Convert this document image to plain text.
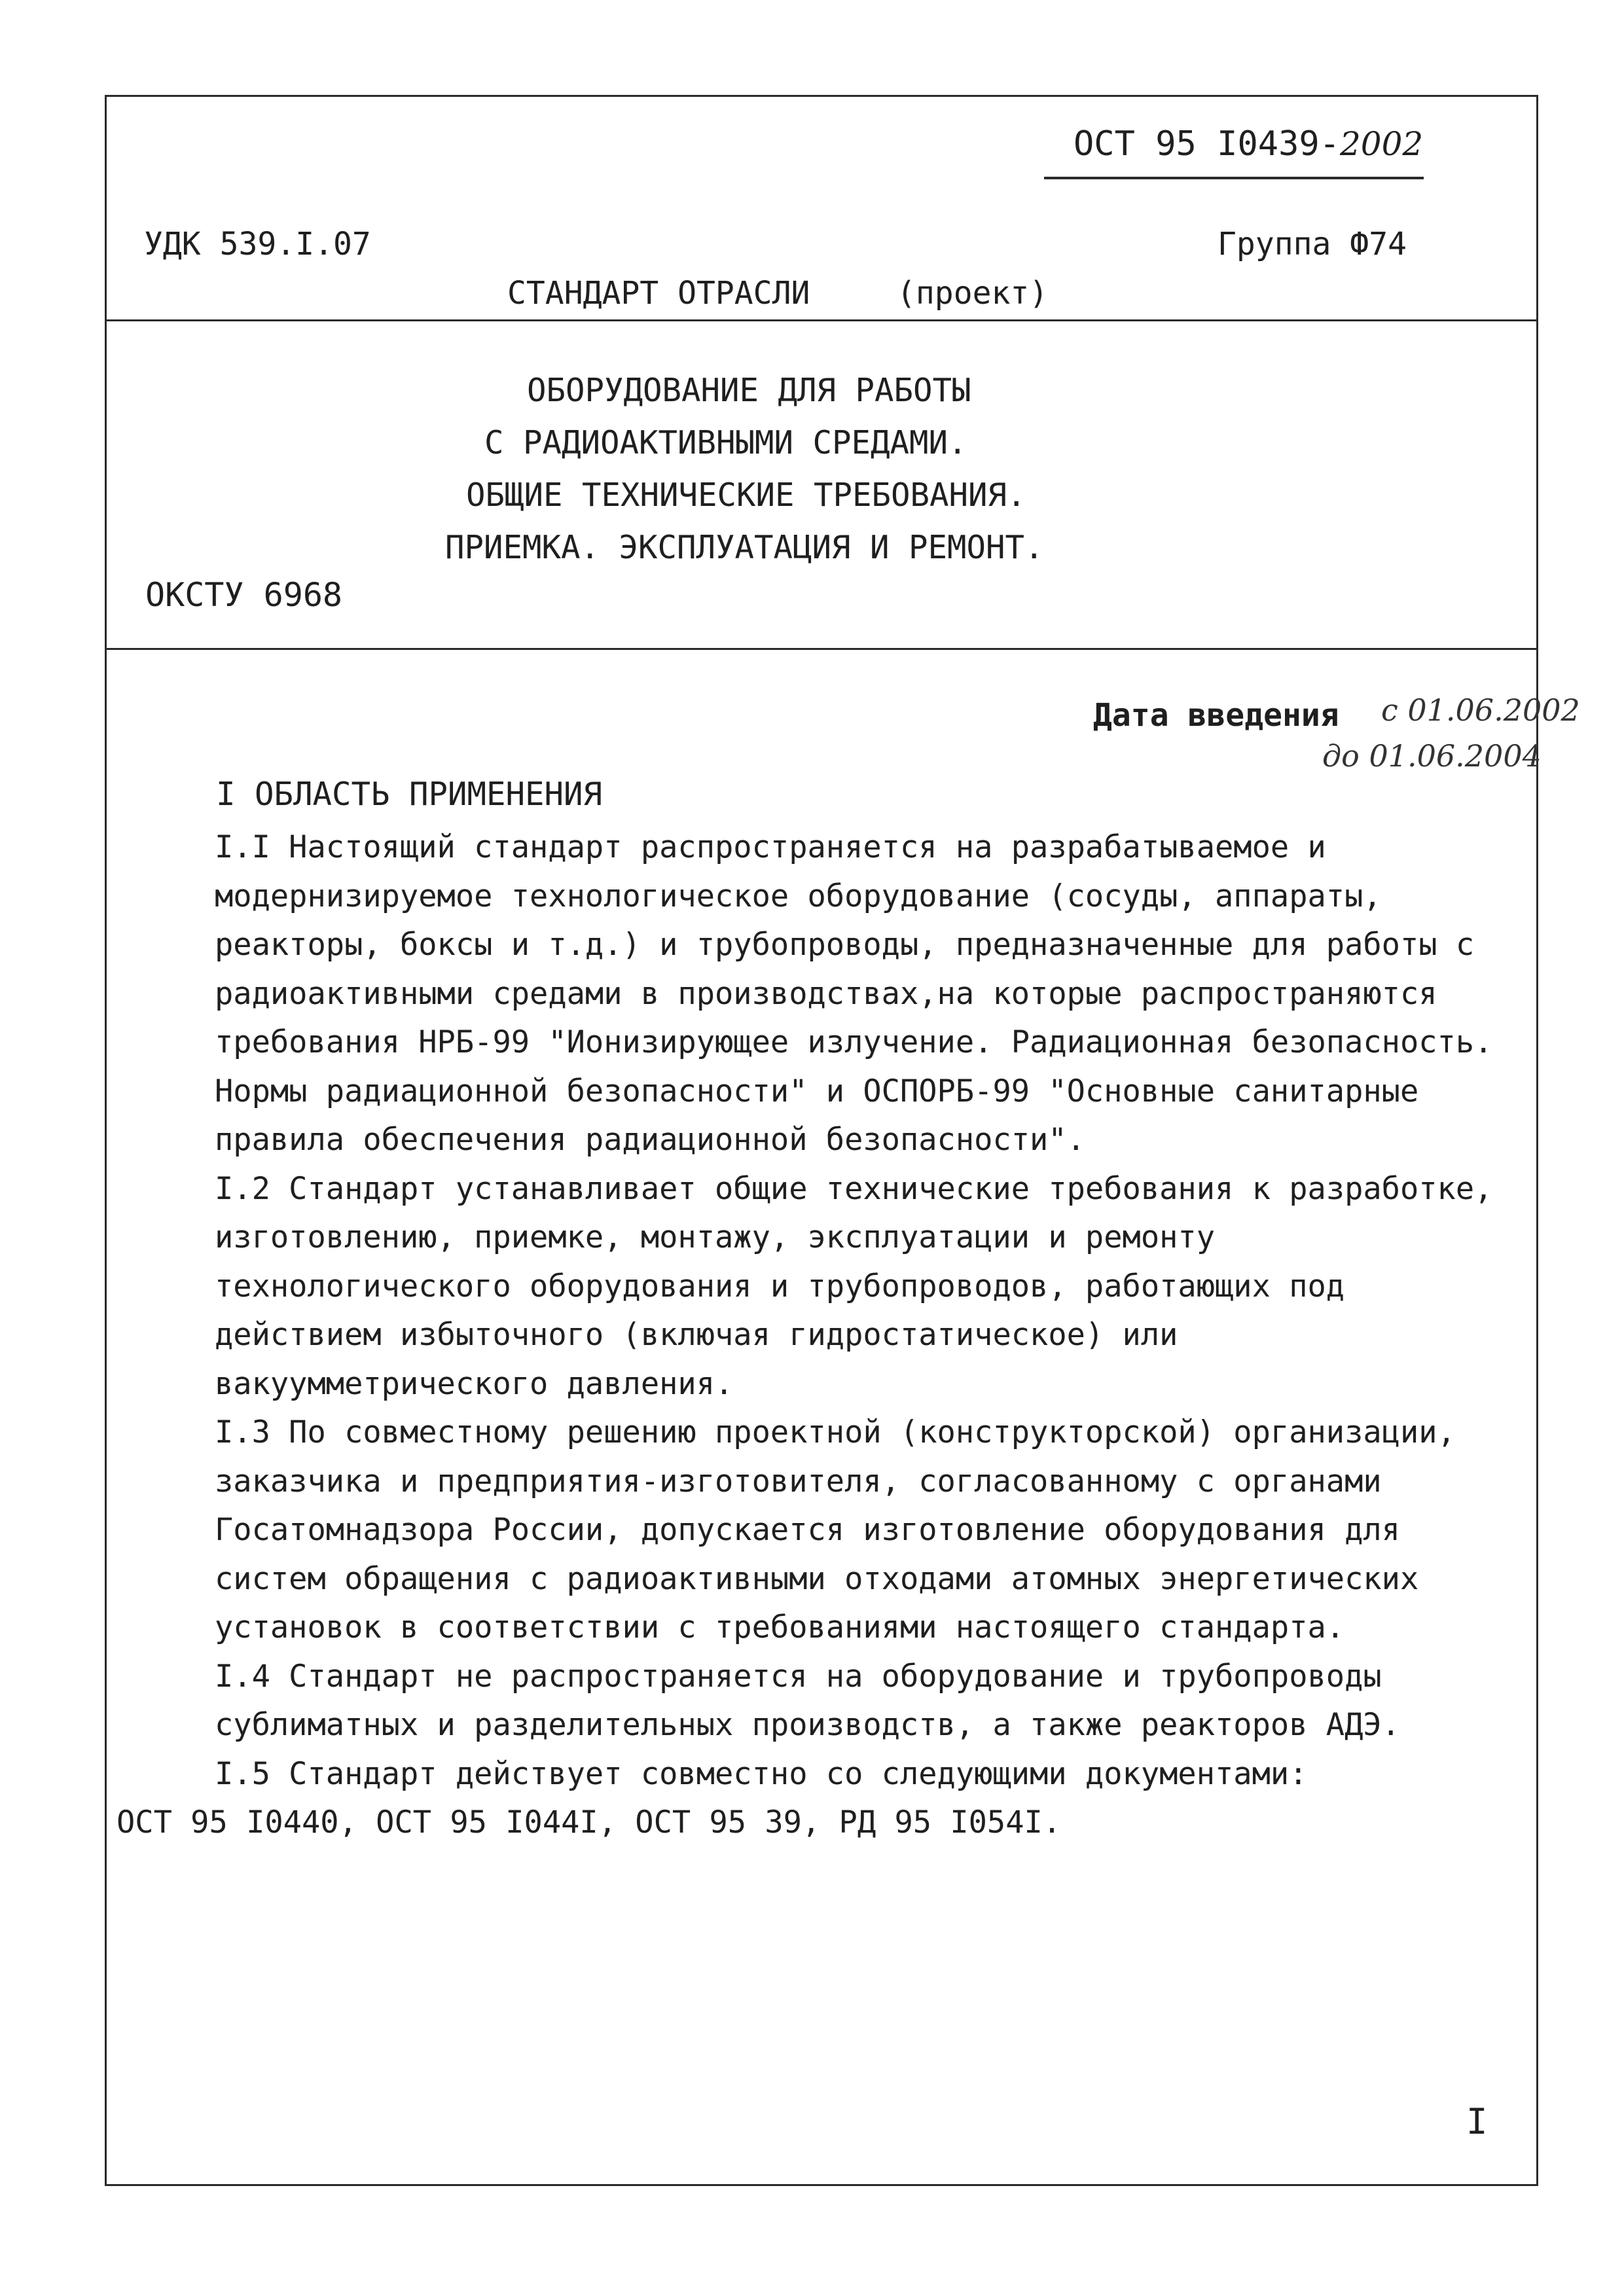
ОСТ 95 I0439-2002
УДК 539.I.07	Группа Ф74
СТАНДАРТ ОТРАСЛИ	(проект)
ОБОРУДОВАНИЕ ДЛЯ РАБОТЫ
С РАДИОАКТИВНЫМИ СРЕДАМИ.
ОБЩИЕ ТЕХНИЧЕСКИЕ ТРЕБОВАНИЯ.
ПРИЕМКА. ЭКСПЛУАТАЦИЯ И РЕМОНТ.
ОКСТУ 6968
Дата введения с 01.06.2002
до 01.06.2004
I ОБЛАСТЬ ПРИМЕНЕНИЯ

I.I Настоящий стандарт распространяется на разрабатываемое и модернизируемое технологическое оборудование (сосуды, аппараты, реакторы, боксы и т.д.) и трубопроводы, предназначенные для работы с радиоактивными средами в производствах,на которые распространяются требования НРБ-99 "Ионизирующее излучение. Радиационная безопасность. Нормы радиационной безопасности" и ОСПОРБ-99 "Основные санитарные правила обеспечения радиационной безопасности".

I.2 Стандарт устанавливает общие технические требования к разработке, изготовлению, приемке, монтажу, эксплуатации и ремонту технологического оборудования и трубопроводов, работающих под действием избыточного (включая гидростатическое) или вакуумметрического давления.

I.3 По совместному решению проектной (конструкторской) организации, заказчика и предприятия-изготовителя, согласованному с органами Госатомнадзора России, допускается изготовление оборудования для систем обращения с радиоактивными отходами атомных энергетических установок в соответствии с требованиями настоящего стандарта.

I.4 Стандарт не распространяется на оборудование и трубопроводы сублиматных и разделительных производств, а также реакторов АДЭ.

I.5 Стандарт действует совместно со следующими документами:

ОСТ 95 I0440, ОСТ 95 I044I, ОСТ 95 39, РД 95 I054I.

I
